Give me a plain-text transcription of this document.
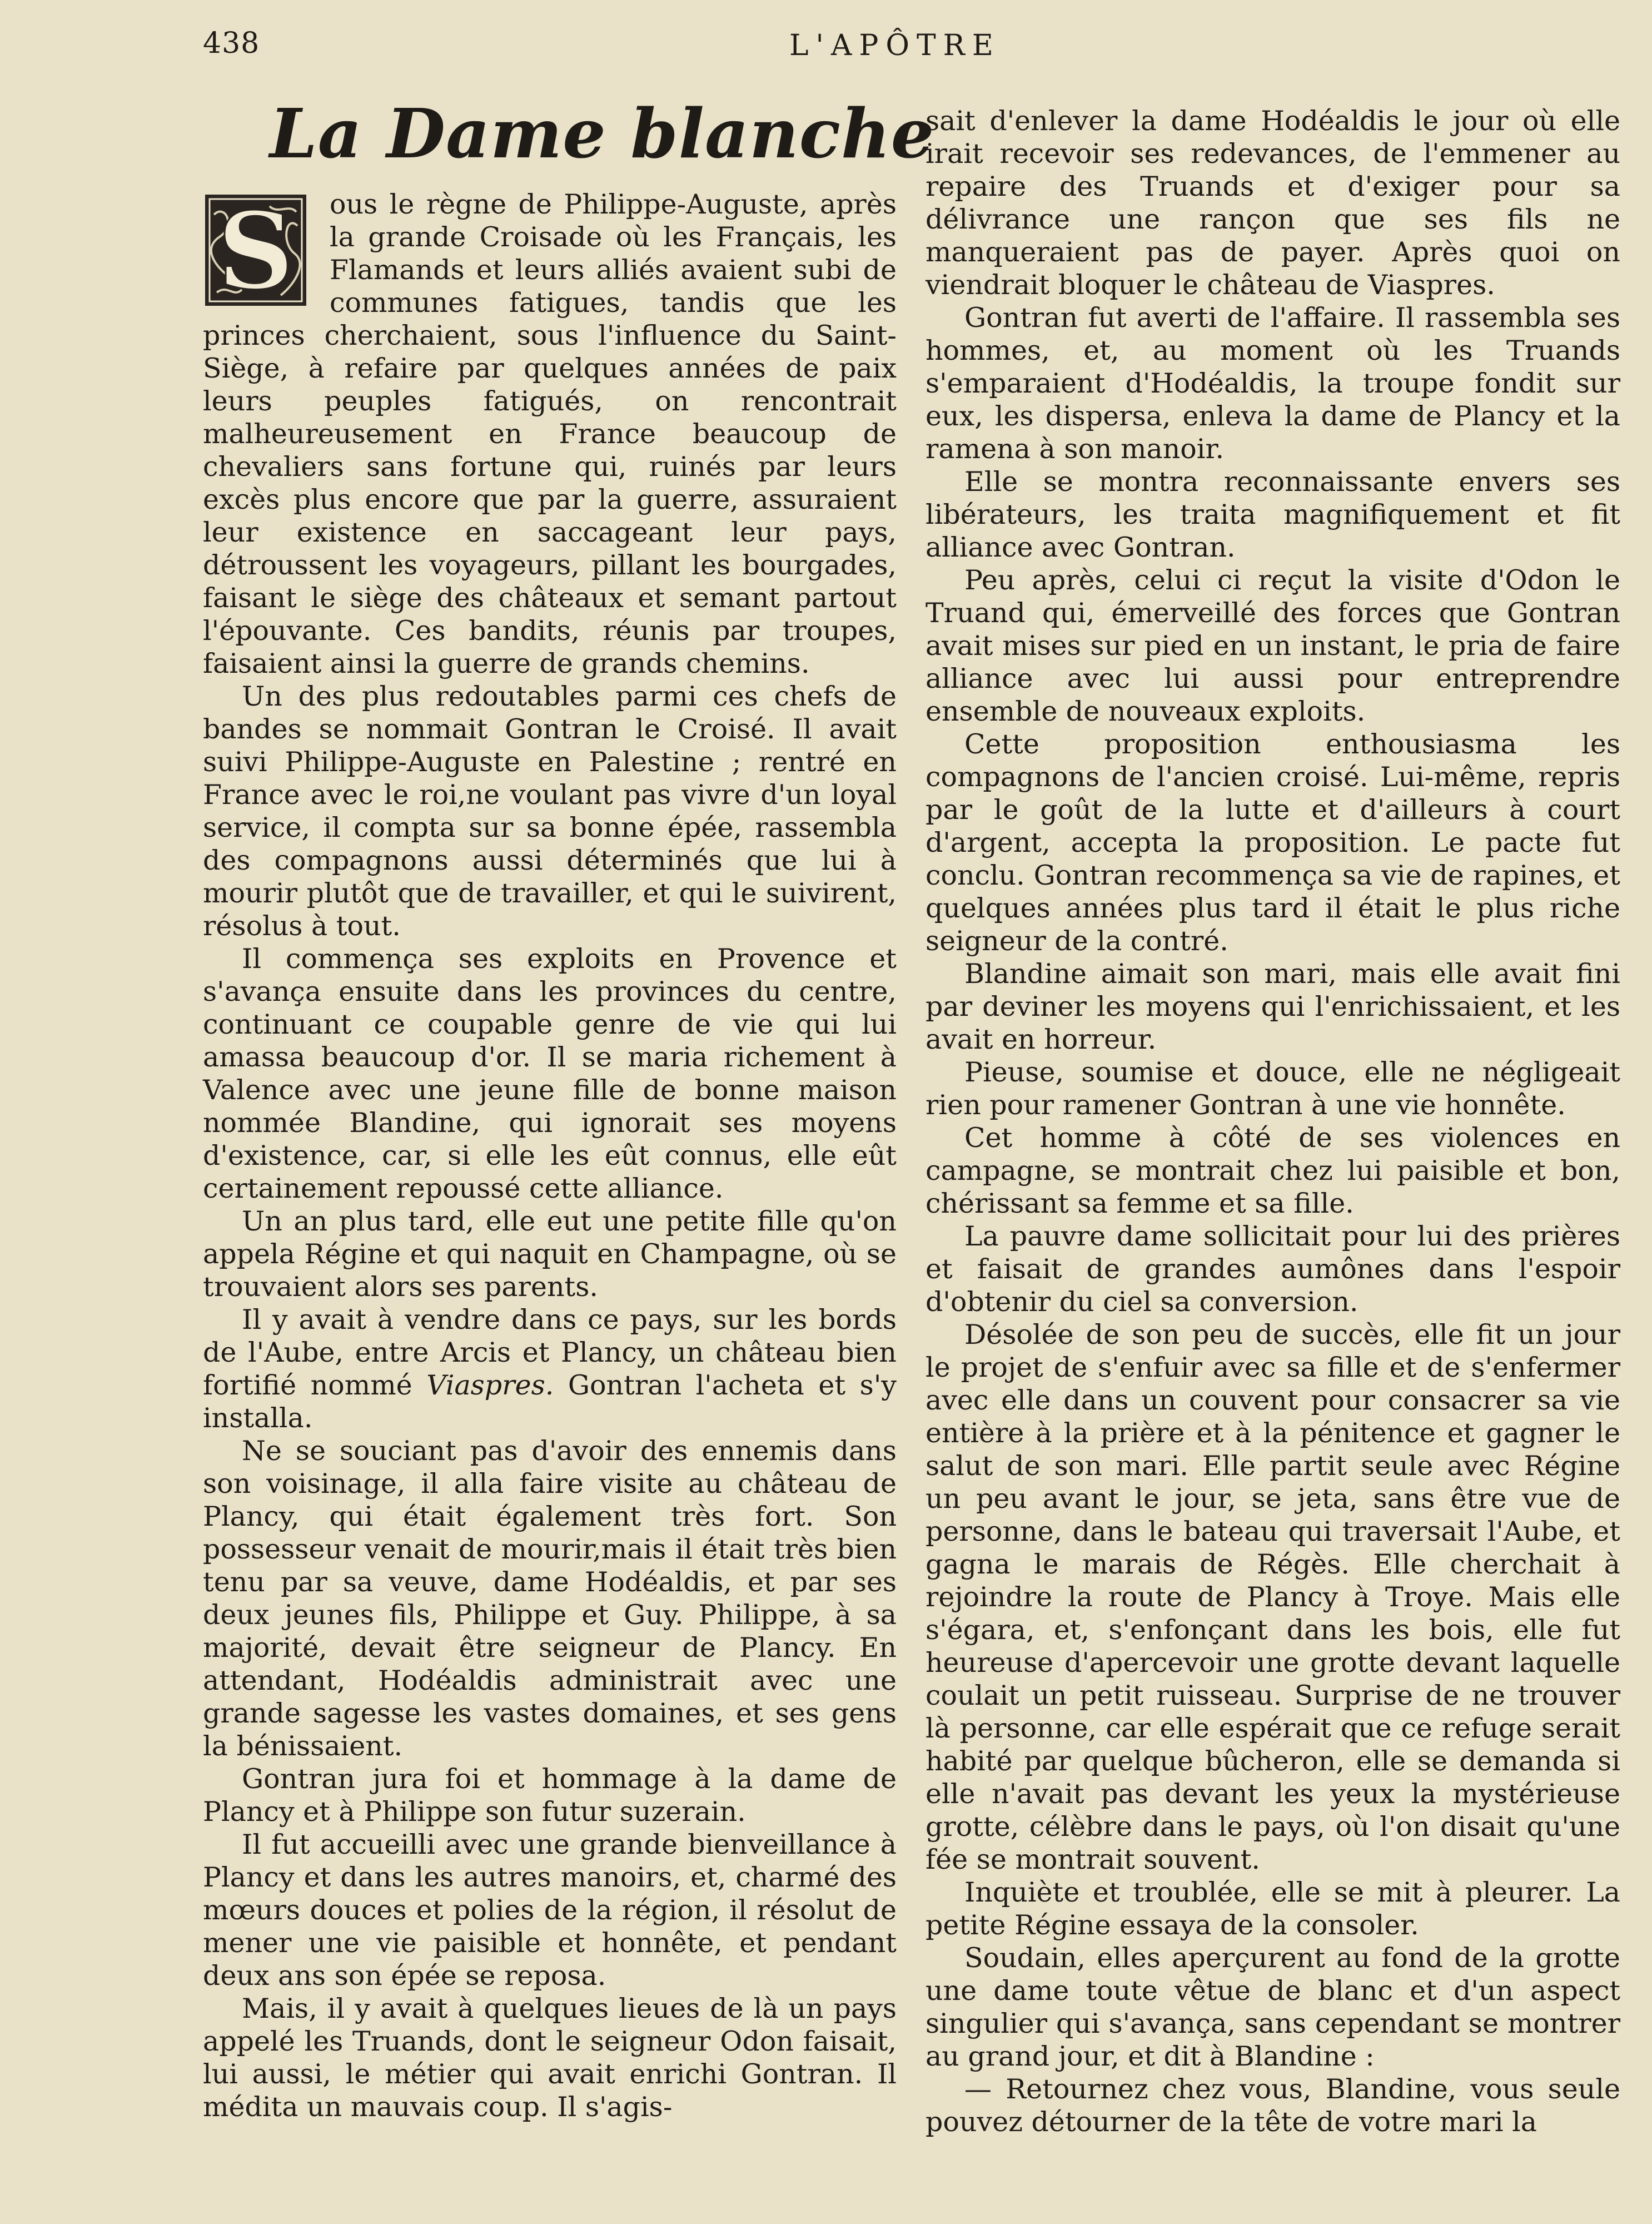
438	L'APÔTRE
La Dame blanche

S ous le règne de Philippe-Auguste, après la grande Croisade où les Français, les Flamands et leurs alliés avaient subi de communes fatigues, tandis que les princes cherchaient, sous l'influence du Saint-Siège, à refaire par quelques années de paix leurs peuples fatigués, on rencontrait malheureusement en France beaucoup de chevaliers sans fortune qui, ruinés par leurs excès plus encore que par la guerre, assuraient leur existence en saccageant leur pays, détroussent les voyageurs, pillant les bourgades, faisant le siège des châteaux et semant partout l'épouvante. Ces bandits, réunis par troupes, faisaient ainsi la guerre de grands chemins.

Un des plus redoutables parmi ces chefs de bandes se nommait Gontran le Croisé. Il avait suivi Philippe-Auguste en Palestine ; rentré en France avec le roi,ne voulant pas vivre d'un loyal service, il compta sur sa bonne épée, rassembla des compagnons aussi déterminés que lui à mourir plutôt que de travailler, et qui le suivirent, résolus à tout.

Il commença ses exploits en Provence et s'avança ensuite dans les provinces du centre, continuant ce coupable genre de vie qui lui amassa beaucoup d'or. Il se maria richement à Valence avec une jeune fille de bonne maison nommée Blandine, qui ignorait ses moyens d'existence, car, si elle les eût connus, elle eût certainement repoussé cette alliance.

Un an plus tard, elle eut une petite fille qu'on appela Régine et qui naquit en Champagne, où se trouvaient alors ses parents.

Il y avait à vendre dans ce pays, sur les bords de l'Aube, entre Arcis et Plancy, un château bien fortifié nommé Viaspres. Gontran l'acheta et s'y installa.

Ne se souciant pas d'avoir des ennemis dans son voisinage, il alla faire visite au château de Plancy, qui était également très fort. Son possesseur venait de mourir,mais il était très bien tenu par sa veuve, dame Hodéaldis, et par ses deux jeunes fils, Philippe et Guy. Philippe, à sa majorité, devait être seigneur de Plancy. En attendant, Hodéaldis administrait avec une grande sagesse les vastes domaines, et ses gens la bénissaient.

Gontran jura foi et hommage à la dame de Plancy et à Philippe son futur suzerain.

Il fut accueilli avec une grande bienveillance à Plancy et dans les autres manoirs, et, charmé des mœurs douces et polies de la région, il résolut de mener une vie paisible et honnête, et pendant deux ans son épée se reposa.

Mais, il y avait à quelques lieues de là un pays appelé les Truands, dont le seigneur Odon faisait, lui aussi, le métier qui avait enrichi Gontran. Il médita un mauvais coup. Il s'agis-

sait d'enlever la dame Hodéaldis le jour où elle irait recevoir ses redevances, de l'emmener au repaire des Truands et d'exiger pour sa délivrance une rançon que ses fils ne manqueraient pas de payer. Après quoi on viendrait bloquer le château de Viaspres.

Gontran fut averti de l'affaire. Il rassembla ses hommes, et, au moment où les Truands s'emparaient d'Hodéaldis, la troupe fondit sur eux, les dispersa, enleva la dame de Plancy et la ramena à son manoir.

Elle se montra reconnaissante envers ses libérateurs, les traita magnifiquement et fit alliance avec Gontran.

Peu après, celui ci reçut la visite d'Odon le Truand qui, émerveillé des forces que Gontran avait mises sur pied en un instant, le pria de faire alliance avec lui aussi pour entreprendre ensemble de nouveaux exploits.

Cette proposition enthousiasma les compagnons de l'ancien croisé. Lui-même, repris par le goût de la lutte et d'ailleurs à court d'argent, accepta la proposition. Le pacte fut conclu. Gontran recommença sa vie de rapines, et quelques années plus tard il était le plus riche seigneur de la contré.

Blandine aimait son mari, mais elle avait fini par deviner les moyens qui l'enrichissaient, et les avait en horreur.

Pieuse, soumise et douce, elle ne négligeait rien pour ramener Gontran à une vie honnête.

Cet homme à côté de ses violences en campagne, se montrait chez lui paisible et bon, chérissant sa femme et sa fille.

La pauvre dame sollicitait pour lui des prières et faisait de grandes aumônes dans l'espoir d'obtenir du ciel sa conversion.

Désolée de son peu de succès, elle fit un jour le projet de s'enfuir avec sa fille et de s'enfermer avec elle dans un couvent pour consacrer sa vie entière à la prière et à la pénitence et gagner le salut de son mari. Elle partit seule avec Régine un peu avant le jour, se jeta, sans être vue de personne, dans le bateau qui traversait l'Aube, et gagna le marais de Régès. Elle cherchait à rejoindre la route de Plancy à Troye. Mais elle s'égara, et, s'enfonçant dans les bois, elle fut heureuse d'apercevoir une grotte devant laquelle coulait un petit ruisseau. Surprise de ne trouver là personne, car elle espérait que ce refuge serait habité par quelque bûcheron, elle se demanda si elle n'avait pas devant les yeux la mystérieuse grotte, célèbre dans le pays, où l'on disait qu'une fée se montrait souvent.

Inquiète et troublée, elle se mit à pleurer. La petite Régine essaya de la consoler.

Soudain, elles aperçurent au fond de la grotte une dame toute vêtue de blanc et d'un aspect singulier qui s'avança, sans cependant se montrer au grand jour, et dit à Blandine :

— Retournez chez vous, Blandine, vous seule pouvez détourner de la tête de votre mari la
